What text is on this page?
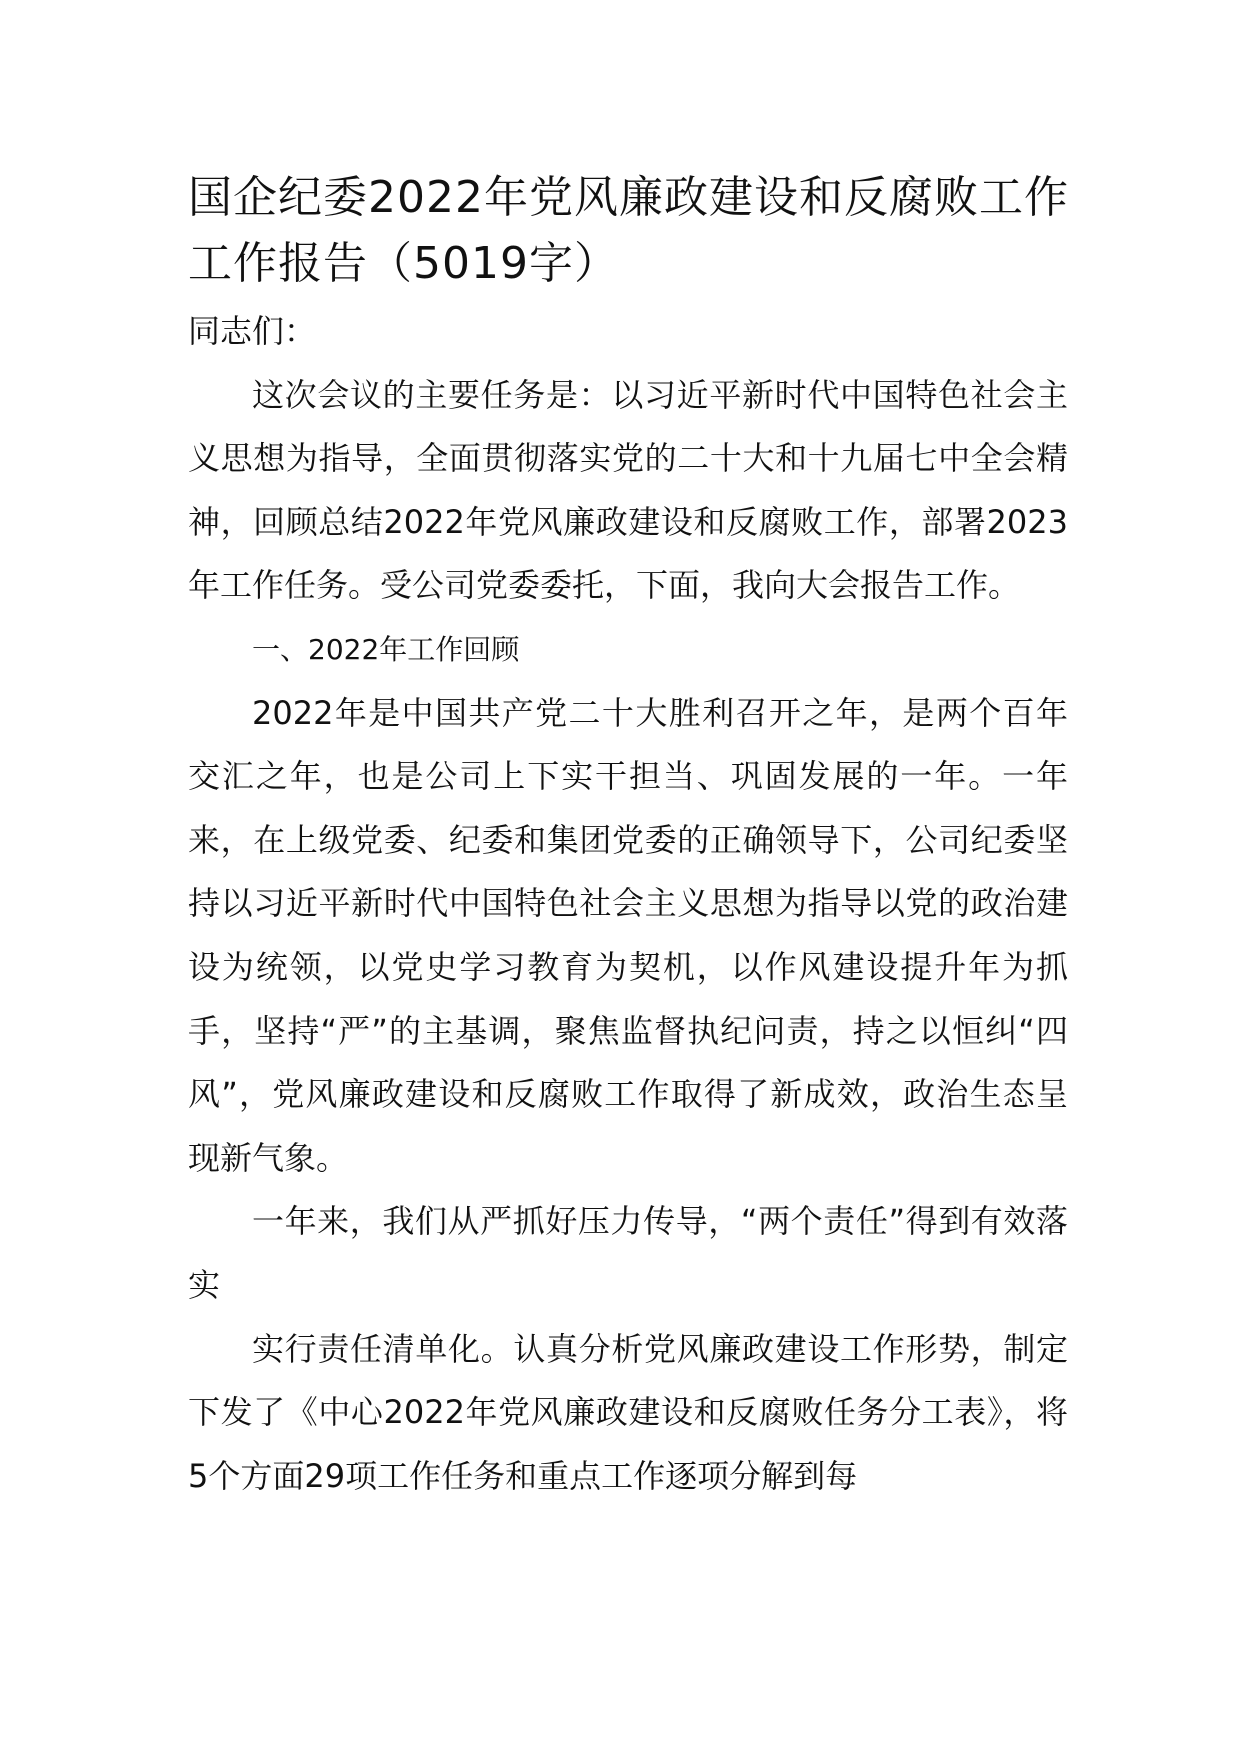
国企纪委2022年党风廉政建设和反腐败工作工作报告（5019字）

同志们：

这次会议的主要任务是：以习近平新时代中国特色社会主义思想为指导，全面贯彻落实党的二十大和十九届七中全会精神，回顾总结2022年党风廉政建设和反腐败工作，部署2023年工作任务。受公司党委委托，下面，我向大会报告工作。

一、2022年工作回顾

2022年是中国共产党二十大胜利召开之年，是两个百年交汇之年，也是公司上下实干担当、巩固发展的一年。一年来，在上级党委、纪委和集团党委的正确领导下，公司纪委坚持以习近平新时代中国特色社会主义思想为指导以党的政治建设为统领，以党史学习教育为契机，以作风建设提升年为抓手，坚持“严”的主基调，聚焦监督执纪问责，持之以恒纠“四风”，党风廉政建设和反腐败工作取得了新成效，政治生态呈现新气象。

一年来，我们从严抓好压力传导，“两个责任”得到有效落实

实行责任清单化。认真分析党风廉政建设工作形势，制定下发了《中心2022年党风廉政建设和反腐败任务分工表》，将5个方面29项工作任务和重点工作逐项分解到每
